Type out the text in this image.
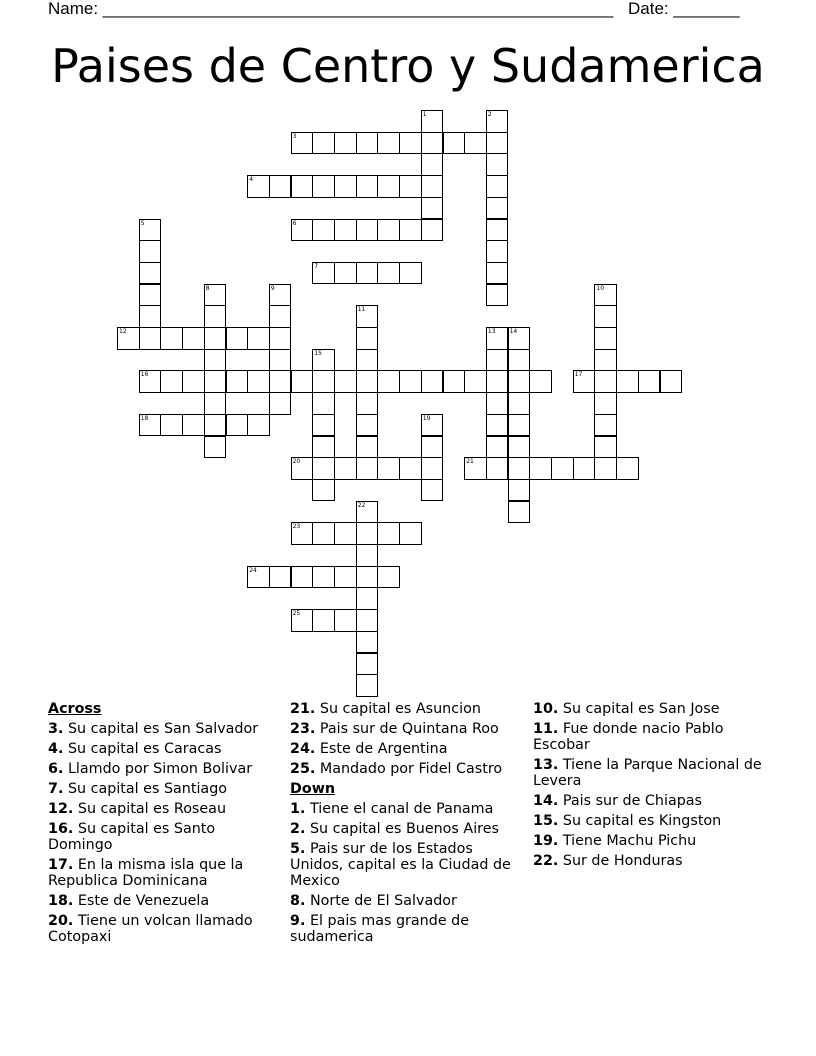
Name: ______________________________________________________ Date: _______
Paises de Centro y Sudamerica
3
4
6
7
12
16	17
18
20	21
23
24
25
1	2
5
8	9	10
11
13 14
15
19
22
Across
3. Su capital es San Salvador
4. Su capital es Caracas
6. Llamdo por Simon Bolivar
7. Su capital es Santiago
12. Su capital es Roseau
16. Su capital es Santo Domingo
17. En la misma isla que la Republica Dominicana
18. Este de Venezuela
20. Tiene un volcan llamado Cotopaxi
21. Su capital es Asuncion
23. Pais sur de Quintana Roo
24. Este de Argentina
25. Mandado por Fidel Castro
Down
1. Tiene el canal de Panama
2. Su capital es Buenos Aires
5. Pais sur de los Estados Unidos, capital es la Ciudad de Mexico
8. Norte de El Salvador
9. El pais mas grande de sudamerica
10. Su capital es San Jose
11. Fue donde nacio Pablo Escobar
13. Tiene la Parque Nacional de Levera
14. Pais sur de Chiapas
15. Su capital es Kingston
19. Tiene Machu Pichu
22. Sur de Honduras
